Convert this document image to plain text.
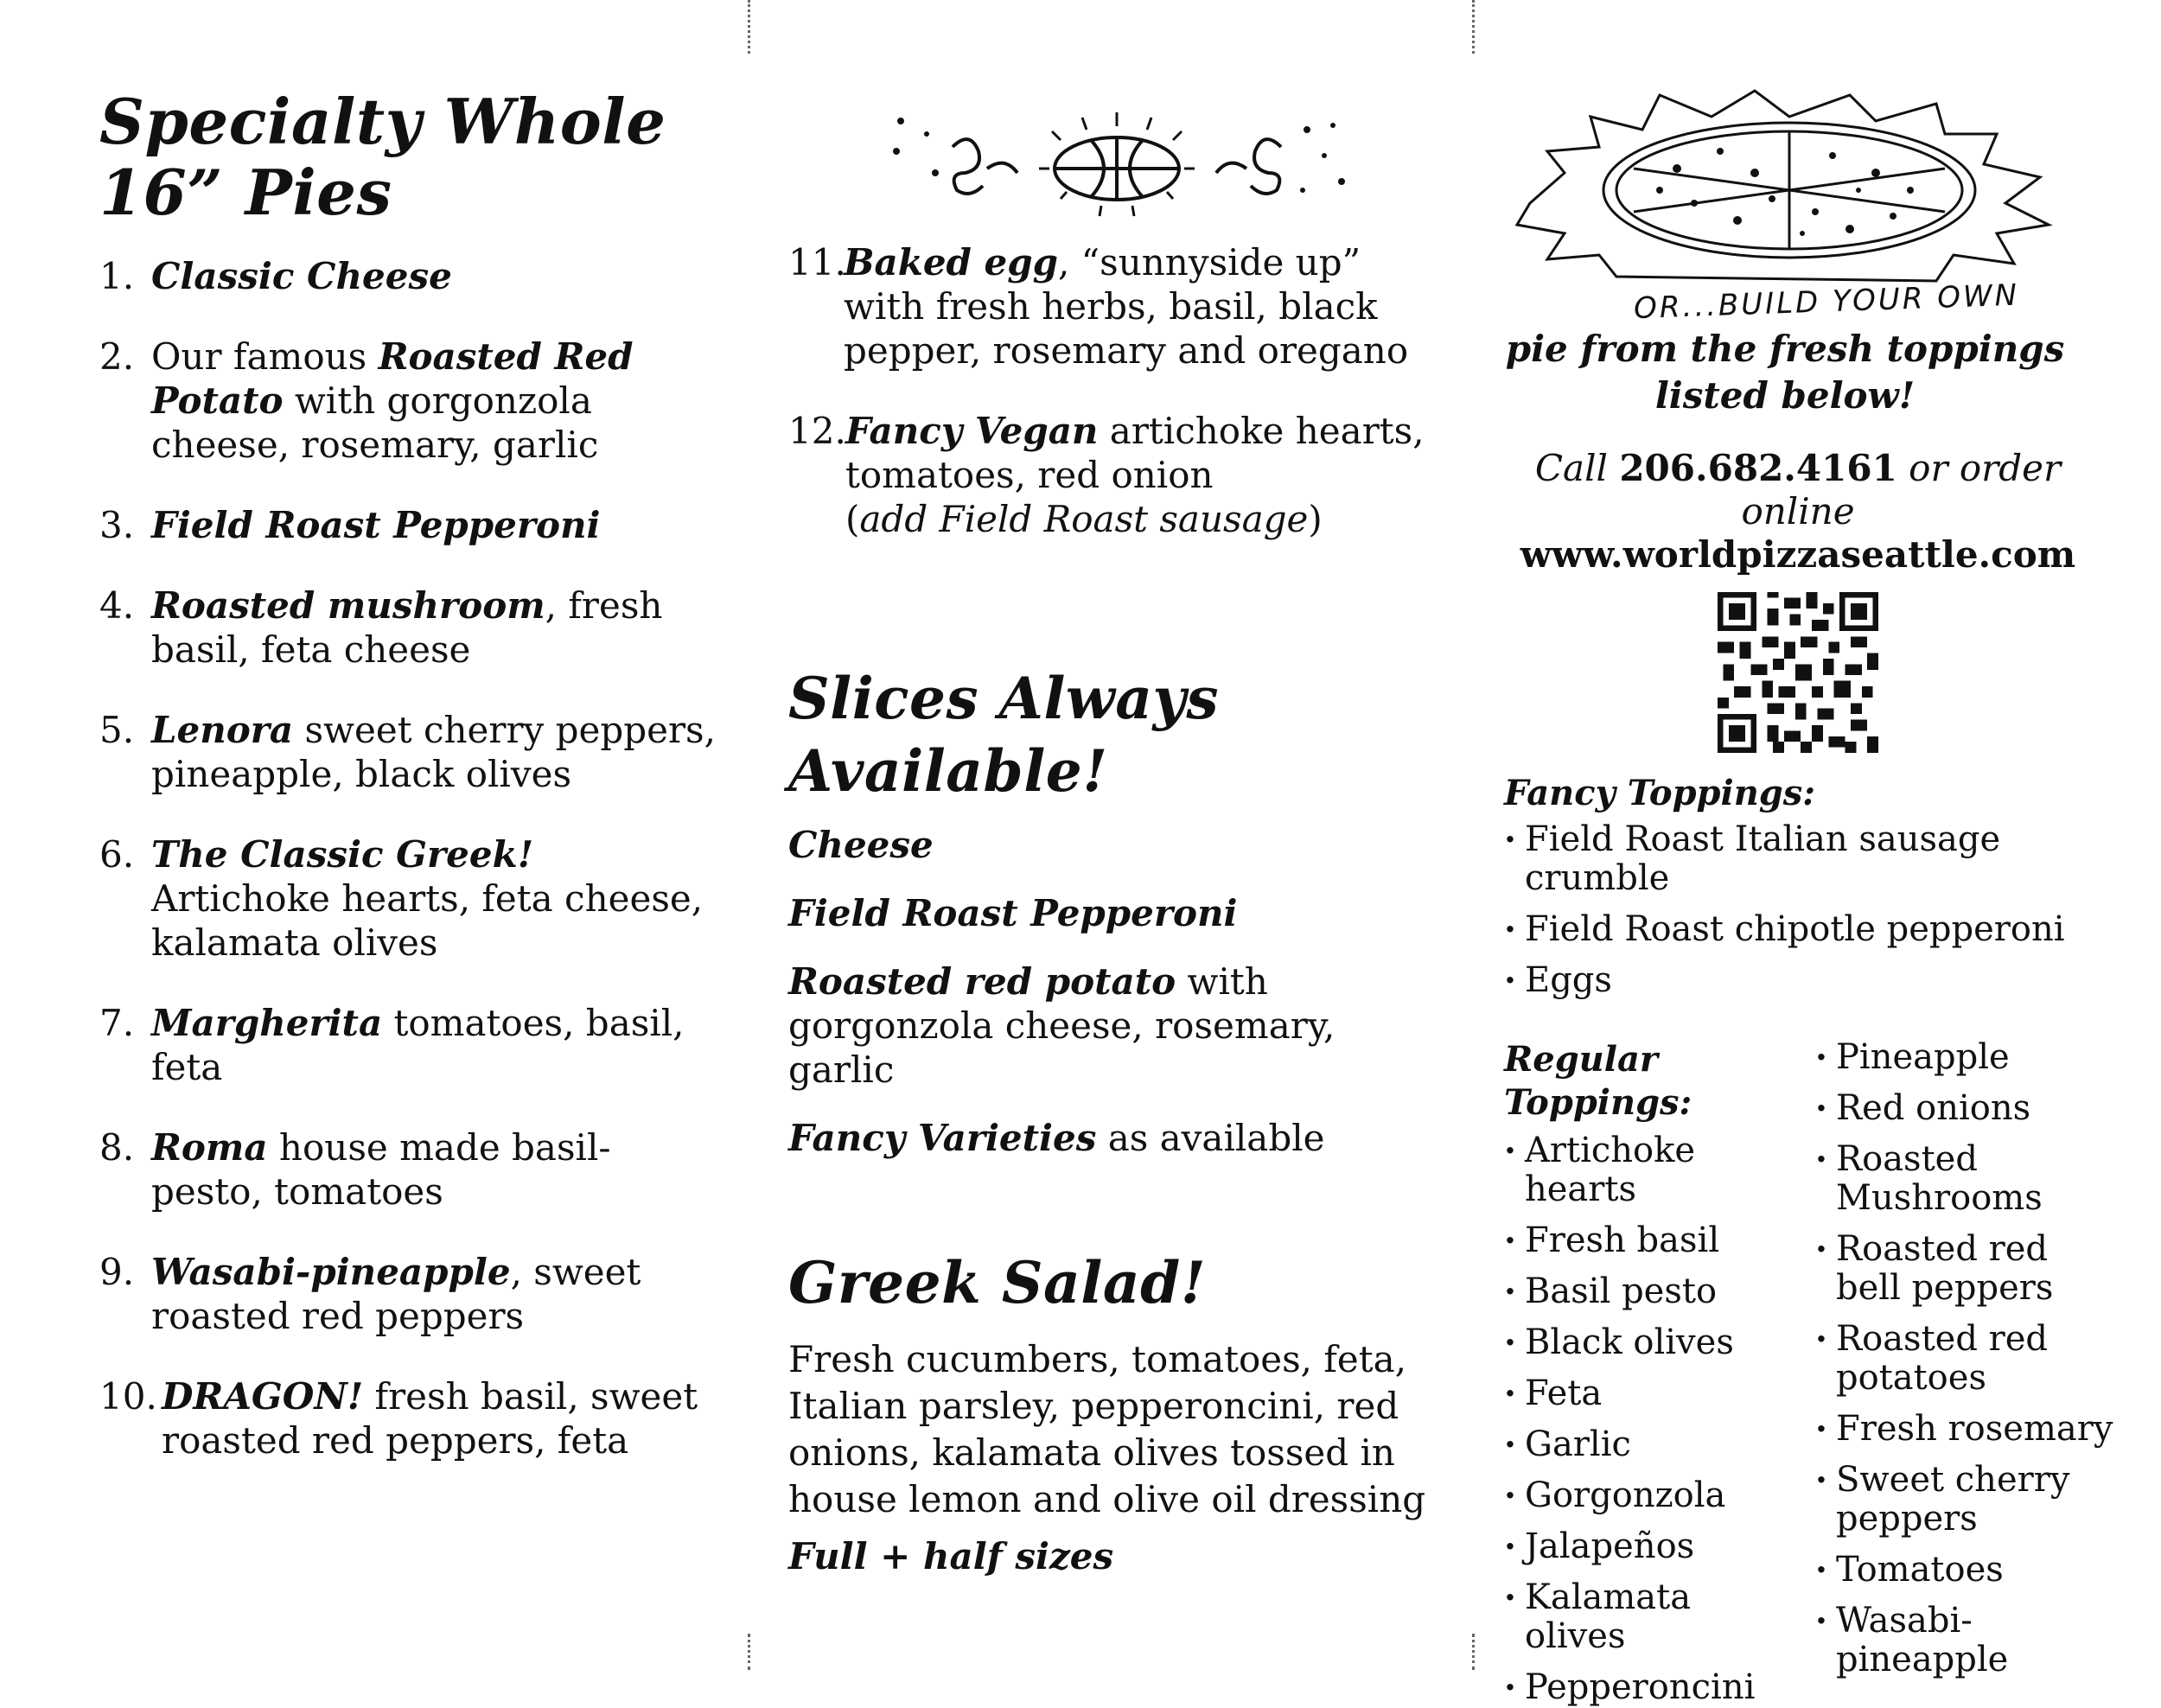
Specialty Whole
16” Pies
1. Classic Cheese
2. Our famous Roasted Red Potato with gorgonzola cheese, rosemary, garlic
3. Field Roast Pepperoni
4. Roasted mushroom, fresh basil, feta cheese
5. Lenora sweet cherry peppers, pineapple, black olives
6. The Classic Greek! Artichoke hearts, feta cheese, kalamata olives
7. Margherita tomatoes, basil, feta
8. Roma house made basil-pesto, tomatoes
9. Wasabi-pineapple, sweet roasted red peppers
10. DRAGON! fresh basil, sweet roasted red peppers, feta
11.
Baked egg, “sunnyside up” with fresh herbs, basil, black pepper, rosemary and oregano
12. Fancy Vegan artichoke hearts, tomatoes, red onion
(add Field Roast sausage)
Slices Always
Available!

Cheese

Field Roast Pepperoni

Roasted red potato with gorgonzola cheese, rosemary, garlic

Fancy Varieties as available

Greek Salad!

Fresh cucumbers, tomatoes, feta, Italian parsley, pepperoncini, red onions, kalamata olives tossed in house lemon and olive oil dressing

Full + half sizes

OR...BUILD YOUR OWN
pie from the fresh toppings
listed below!
Call 206.682.4161 or order online
www.worldpizzaseattle.com
Fancy Toppings:
· Field Roast Italian sausage crumble
· Field Roast chipotle pepperoni
· Eggs
Regular
Toppings:
· Artichoke hearts
· Fresh basil
· Basil pesto
· Black olives
· Feta
· Garlic
· Gorgonzola
· Jalapeños
· Kalamata olives
· Pepperoncini
· Pineapple
· Red onions
· Roasted Mushrooms
· Roasted red bell peppers
· Roasted red potatoes
· Fresh rosemary
· Sweet cherry peppers
· Tomatoes
· Wasabi-pineapple
